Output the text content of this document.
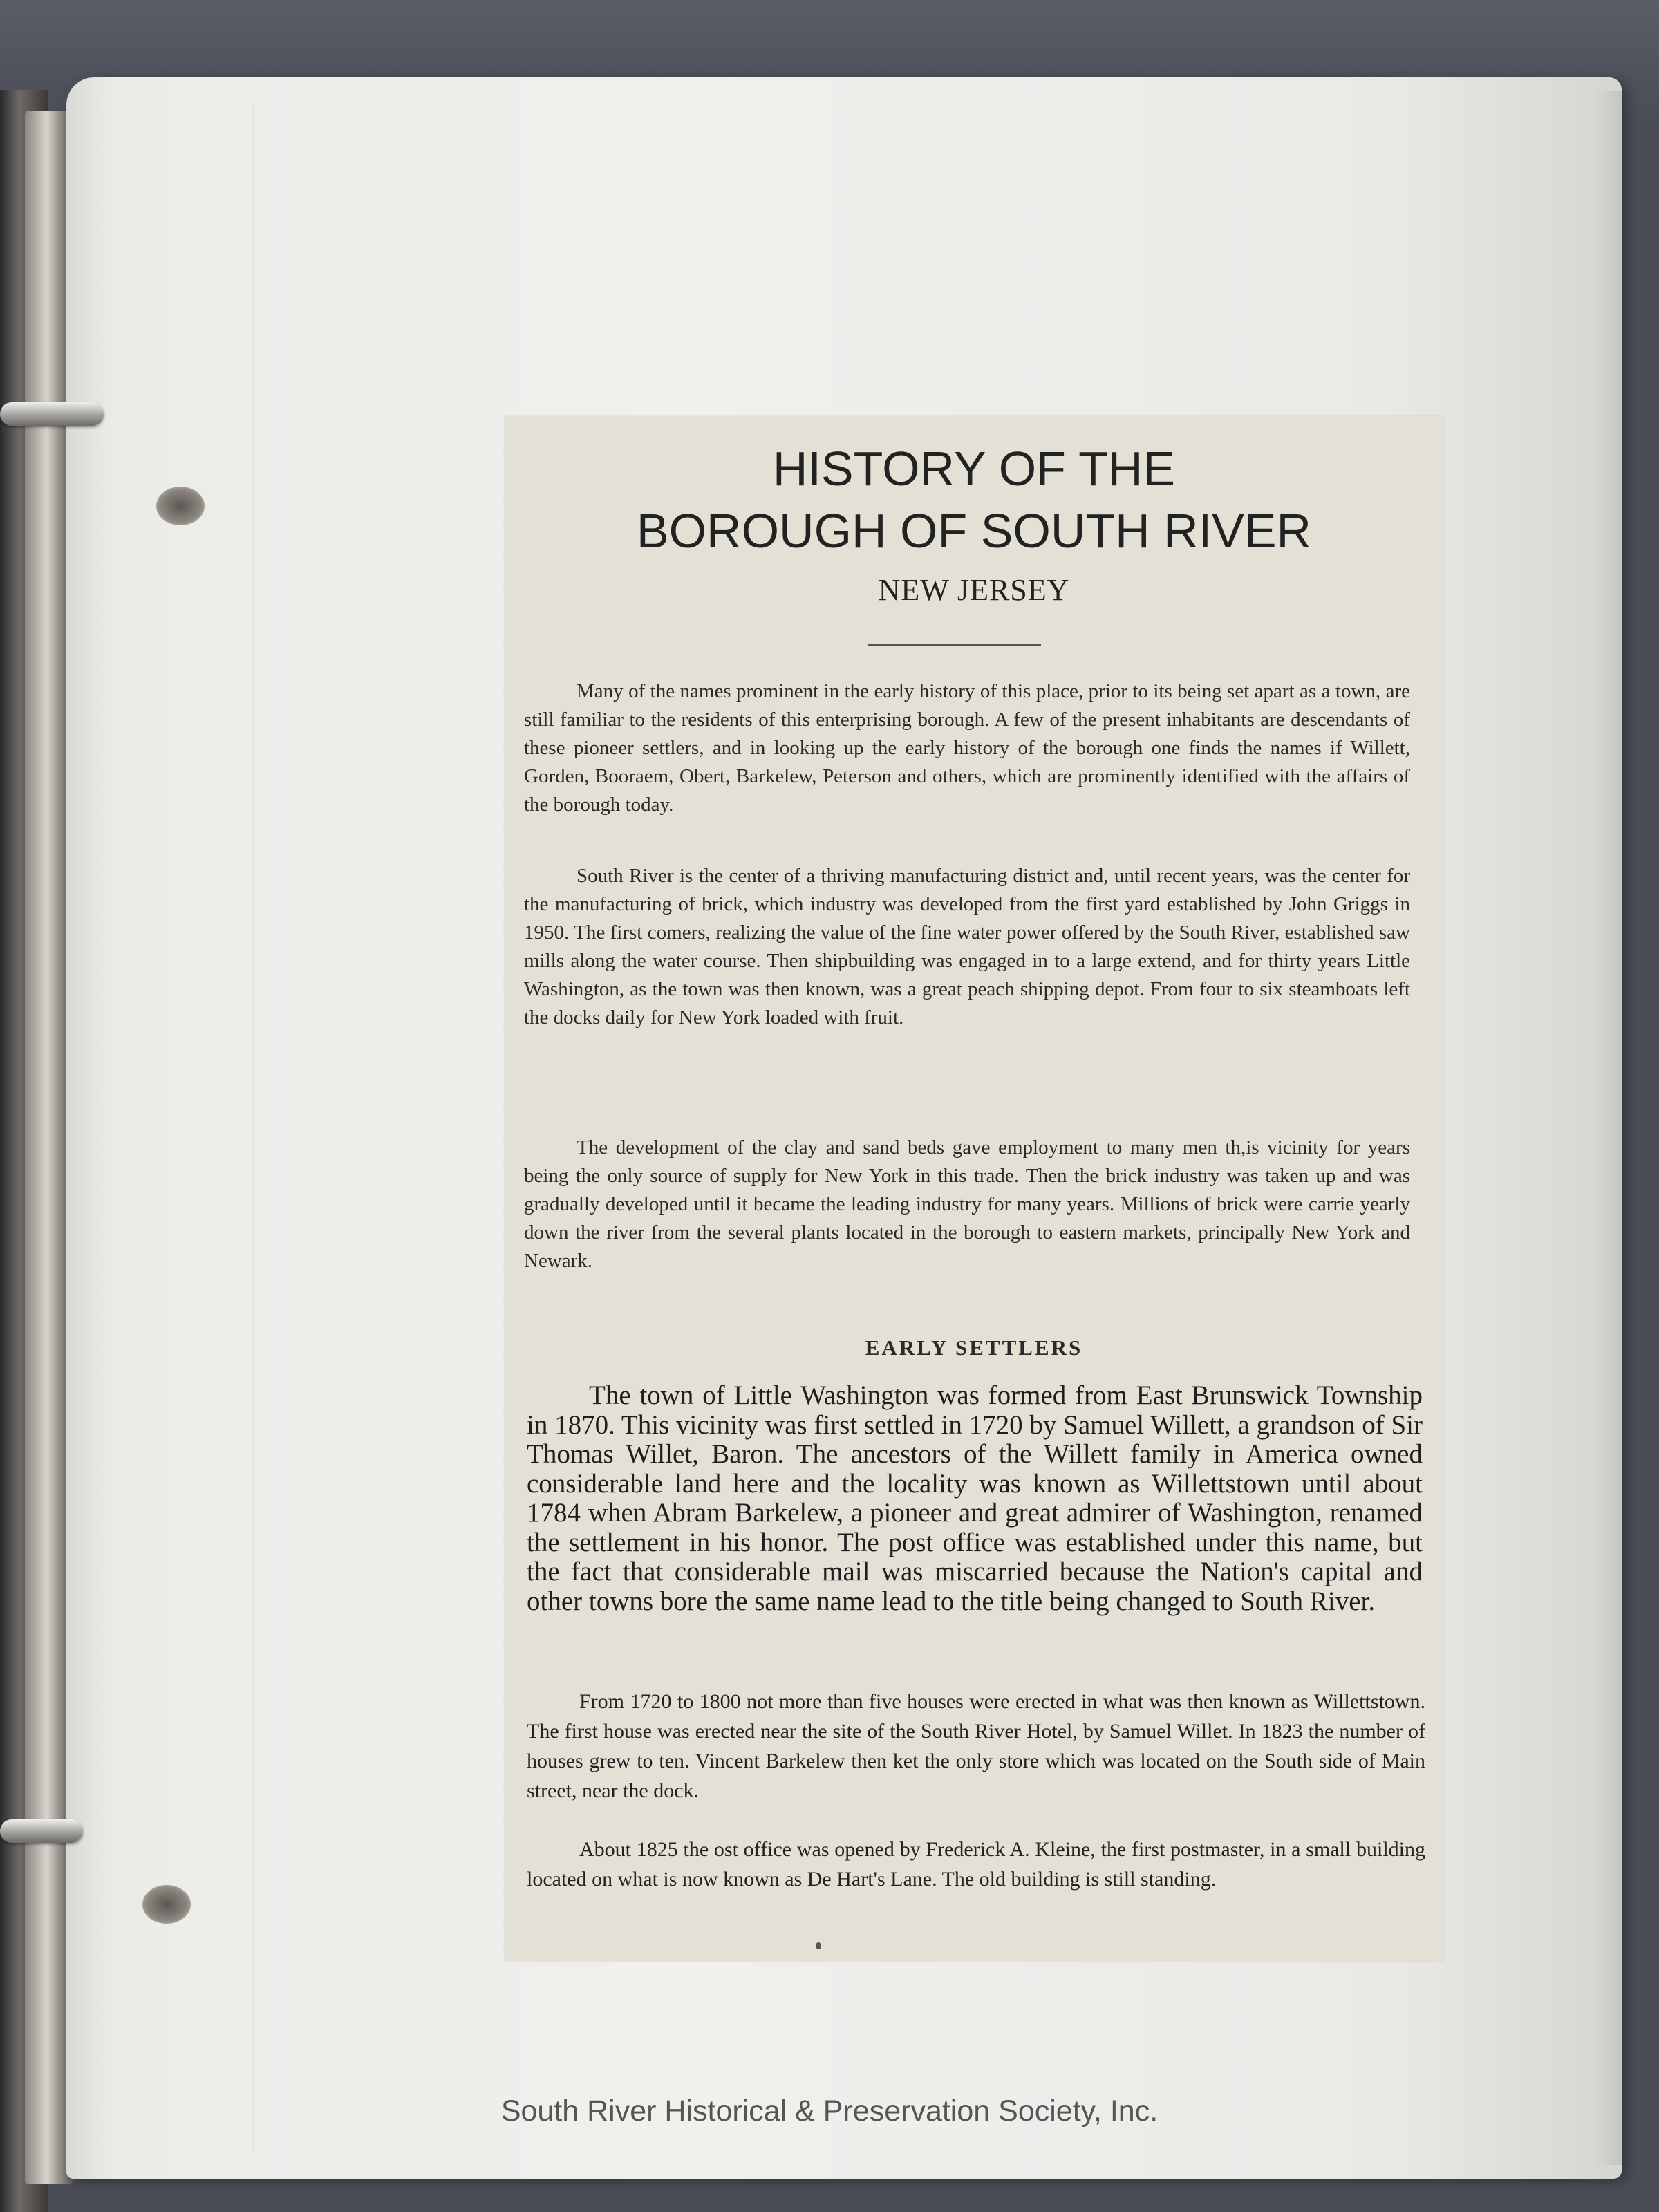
HISTORY OF THE
BOROUGH OF SOUTH RIVER
NEW JERSEY

Many of the names prominent in the early history of this place, prior to its being set apart as a town, are still familiar to the residents of this enterprising borough. A few of the present inhabitants are descendants of these pioneer settlers, and in looking up the early history of the borough one finds the names if Willett, Gorden, Booraem, Obert, Barkelew, Peterson and others, which are prominently identified with the affairs of the borough today.

South River is the center of a thriving manufacturing district and, until recent years, was the center for the manufacturing of brick, which industry was developed from the first yard established by John Griggs in 1950. The first comers, realizing the value of the fine water power offered by the South River, established saw mills along the water course. Then shipbuilding was engaged in to a large extend, and for thirty years Little Washington, as the town was then known, was a great peach shipping depot. From four to six steamboats left the docks daily for New York loaded with fruit.

The development of the clay and sand beds gave employment to many men th,is vicinity for years being the only source of supply for New York in this trade. Then the brick industry was taken up and was gradually developed until it became the leading industry for many years. Millions of brick were carrie yearly down the river from the several plants located in the borough to eastern markets, principally New York and Newark.

EARLY SETTLERS

The town of Little Washington was formed from East Brunswick Township in 1870. This vicinity was first settled in 1720 by Samuel Willett, a grandson of Sir Thomas Willet, Baron. The ancestors of the Willett family in America owned considerable land here and the locality was known as Willettstown until about 1784 when Abram Barkelew, a pioneer and great admirer of Washington, renamed the settlement in his honor. The post office was established under this name, but the fact that considerable mail was miscarried because the Nation's capital and other towns bore the same name lead to the title being changed to South River.

From 1720 to 1800 not more than five houses were erected in what was then known as Willettstown. The first house was erected near the site of the South River Hotel, by Samuel Willet. In 1823 the number of houses grew to ten. Vincent Barkelew then ket the only store which was located on the South side of Main street, near the dock.

About 1825 the ost office was opened by Frederick A. Kleine, the first postmaster, in a small building located on what is now known as De Hart's Lane. The old building is still standing.

South River Historical & Preservation Society, Inc.
